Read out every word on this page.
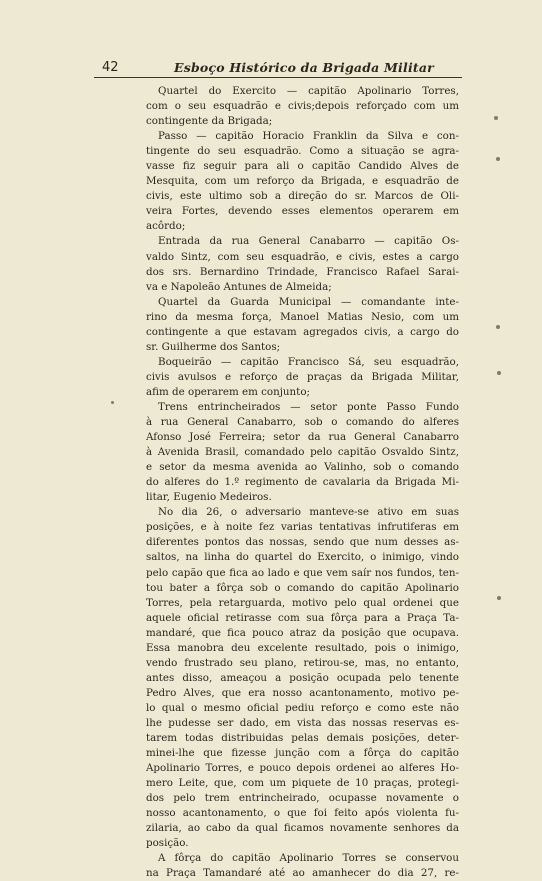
42	Esboço Histórico da Brigada Militar
Quartel do Exercito — capitão Apolinario Torres,
com o seu esquadrão e civis;depois reforçado com um
contingente da Brigada;
Passo — capitão Horacio Franklin da Silva e con-
tingente do seu esquadrão. Como a situação se agra-
vasse fiz seguir para ali o capitão Candido Alves de
Mesquita, com um reforço da Brigada, e esquadrão de
civis, este ultimo sob a direção do sr. Marcos de Oli-
veira Fortes, devendo esses elementos operarem em
acôrdo;
Entrada da rua General Canabarro — capitão Os-
valdo Sintz, com seu esquadrão, e civis, estes a cargo
dos srs. Bernardino Trindade, Francisco Rafael Sarai-
va e Napoleão Antunes de Almeida;
Quartel da Guarda Municipal — comandante inte-
rino da mesma força, Manoel Matias Nesio, com um
contingente a que estavam agregados civis, a cargo do
sr. Guilherme dos Santos;
Boqueirão — capitão Francisco Sá, seu esquadrão,
civis avulsos e reforço de praças da Brigada Militar,
afim de operarem em conjunto;
Trens entrincheirados — setor ponte Passo Fundo
à rua General Canabarro, sob o comando do alferes
Afonso José Ferreira; setor da rua General Canabarro
à Avenida Brasil, comandado pelo capitão Osvaldo Sintz,
e setor da mesma avenida ao Valinho, sob o comando
do alferes do 1.º regimento de cavalaria da Brigada Mi-
litar, Eugenio Medeiros.
No dia 26, o adversario manteve-se ativo em suas
posições, e à noite fez varias tentativas infrutiferas em
diferentes pontos das nossas, sendo que num desses as-
saltos, na linha do quartel do Exercito, o inimigo, vindo
pelo capão que fica ao lado e que vem saír nos fundos, ten-
tou bater a fôrça sob o comando do capitão Apolinario
Torres, pela retarguarda, motivo pelo qual ordenei que
aquele oficial retirasse com sua fôrça para a Praça Ta-
mandaré, que fica pouco atraz da posição que ocupava.
Essa manobra deu excelente resultado, pois o inimigo,
vendo frustrado seu plano, retirou-se, mas, no entanto,
antes disso, ameaçou a posição ocupada pelo tenente
Pedro Alves, que era nosso acantonamento, motivo pe-
lo qual o mesmo oficial pediu reforço e como este não
lhe pudesse ser dado, em vista das nossas reservas es-
tarem todas distribuidas pelas demais posições, deter-
minei-lhe que fizesse junção com a fôrça do capitão
Apolinario Torres, e pouco depois ordenei ao alferes Ho-
mero Leite, que, com um piquete de 10 praças, protegi-
dos pelo trem entrincheirado, ocupasse novamente o
nosso acantonamento, o que foi feito após violenta fu-
zilaria, ao cabo da qual ficamos novamente senhores da
posição.
A fôrça do capitão Apolinario Torres se conservou
na Praça Tamandaré até ao amanhecer do dia 27, re-
